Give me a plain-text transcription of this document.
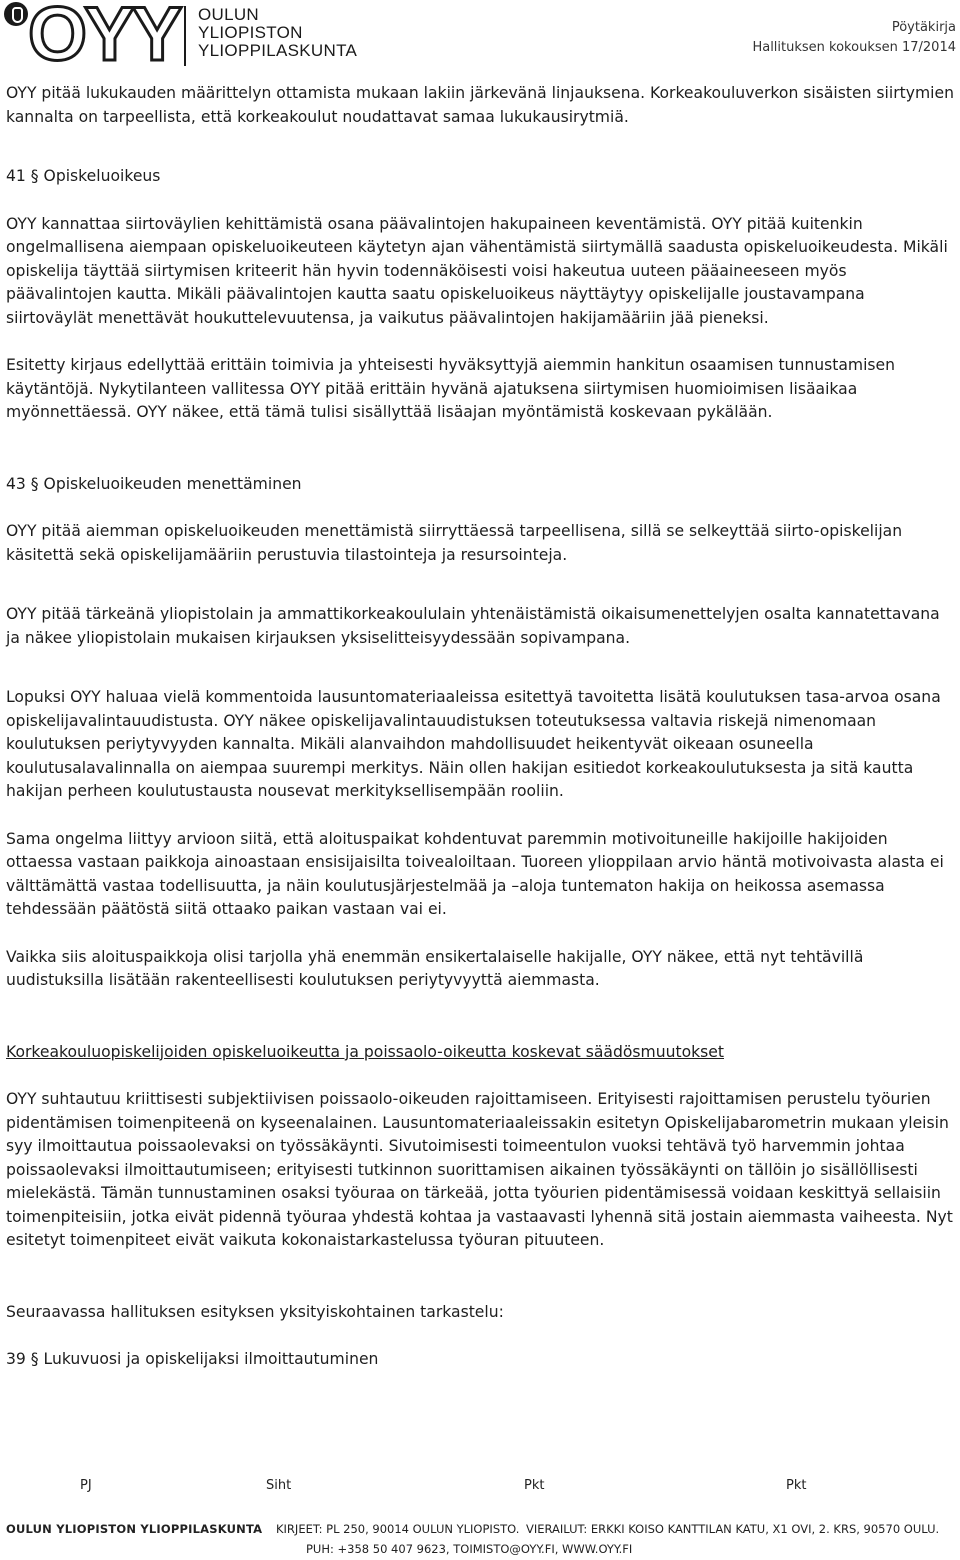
OYY OULUN
YLIOPISTON
YLIOPPILASKUNTA
Pöytäkirja
Hallituksen kokouksen 17/2014

OYY pitää lukukauden määrittelyn ottamista mukaan lakiin järkevänä linjauksena. Korkeakouluverkon sisäisten siirtymien kannalta on tarpeellista, että korkeakoulut noudattavat samaa lukukausirytmiä.

41 § Opiskeluoikeus

OYY kannattaa siirtoväylien kehittämistä osana päävalintojen hakupaineen keventämistä. OYY pitää kuitenkin ongelmallisena aiempaan opiskeluoikeuteen käytetyn ajan vähentämistä siirtymällä saadusta opiskeluoikeudesta. Mikäli opiskelija täyttää siirtymisen kriteerit hän hyvin todennäköisesti voisi hakeutua uuteen pääaineeseen myös päävalintojen kautta. Mikäli päävalintojen kautta saatu opiskeluoikeus näyttäytyy opiskelijalle joustavampana siirtoväylät menettävät houkuttelevuutensa, ja vaikutus päävalintojen hakijamääriin jää pieneksi.

Esitetty kirjaus edellyttää erittäin toimivia ja yhteisesti hyväksyttyjä aiemmin hankitun osaamisen tunnustamisen käytäntöjä. Nykytilanteen vallitessa OYY pitää erittäin hyvänä ajatuksena siirtymisen huomioimisen lisäaikaa myönnettäessä. OYY näkee, että tämä tulisi sisällyttää lisäajan myöntämistä koskevaan pykälään.

43 § Opiskeluoikeuden menettäminen

OYY pitää aiemman opiskeluoikeuden menettämistä siirryttäessä tarpeellisena, sillä se selkeyttää siirto-opiskelijan käsitettä sekä opiskelijamääriin perustuvia tilastointeja ja resursointeja.

OYY pitää tärkeänä yliopistolain ja ammattikorkeakoululain yhtenäistämistä oikaisumenettelyjen osalta kannatettavana ja näkee yliopistolain mukaisen kirjauksen yksiselitteisyydessään sopivampana.

Lopuksi OYY haluaa vielä kommentoida lausuntomateriaaleissa esitettyä tavoitetta lisätä koulutuksen tasa-arvoa osana opiskelijavalintauudistusta. OYY näkee opiskelijavalintauudistuksen toteutuksessa valtavia riskejä nimenomaan koulutuksen periytyvyyden kannalta. Mikäli alanvaihdon mahdollisuudet heikentyvät oikeaan osuneella koulutusalavalinnalla on aiempaa suurempi merkitys. Näin ollen hakijan esitiedot korkeakoulutuksesta ja sitä kautta hakijan perheen koulutustausta nousevat merkityksellisempään rooliin.

Sama ongelma liittyy arvioon siitä, että aloituspaikat kohdentuvat paremmin motivoituneille hakijoille hakijoiden ottaessa vastaan paikkoja ainoastaan ensisijaisilta toivealoiltaan. Tuoreen ylioppilaan arvio häntä motivoivasta alasta ei välttämättä vastaa todellisuutta, ja näin koulutusjärjestelmää ja –aloja tuntematon hakija on heikossa asemassa tehdessään päätöstä siitä ottaako paikan vastaan vai ei.

Vaikka siis aloituspaikkoja olisi tarjolla yhä enemmän ensikertalaiselle hakijalle, OYY näkee, että nyt tehtävillä uudistuksilla lisätään rakenteellisesti koulutuksen periytyvyyttä aiemmasta.

Korkeakouluopiskelijoiden opiskeluoikeutta ja poissaolo-oikeutta koskevat säädösmuutokset

OYY suhtautuu kriittisesti subjektiivisen poissaolo-oikeuden rajoittamiseen. Erityisesti rajoittamisen perustelu työurien pidentämisen toimenpiteenä on kyseenalainen. Lausuntomateriaaleissakin esitetyn Opiskelijabarometrin mukaan yleisin syy ilmoittautua poissaolevaksi on työssäkäynti. Sivutoimisesti toimeentulon vuoksi tehtävä työ harvemmin johtaa poissaolevaksi ilmoittautumiseen; erityisesti tutkinnon suorittamisen aikainen työssäkäynti on tällöin jo sisällöllisesti mielekästä. Tämän tunnustaminen osaksi työuraa on tärkeää, jotta työurien pidentämisessä voidaan keskittyä sellaisiin toimenpiteisiin, jotka eivät pidennä työuraa yhdestä kohtaa ja vastaavasti lyhennä sitä jostain aiemmasta vaiheesta. Nyt esitetyt toimenpiteet eivät vaikuta kokonaistarkastelussa työuran pituuteen.

Seuraavassa hallituksen esityksen yksityiskohtainen tarkastelu:

39 § Lukuvuosi ja opiskelijaksi ilmoittautuminen

PJ	Siht	Pkt	Pkt
OULUN YLIOPISTON YLIOPPILASKUNTA KIRJEET: PL 250, 90014 OULUN YLIOPISTO. VIERAILUT: ERKKI KOISO KANTTILAN KATU, X1 OVI, 2. KRS, 90570 OULU.
PUH: +358 50 407 9623, TOIMISTO@OYY.FI, WWW.OYY.FI
